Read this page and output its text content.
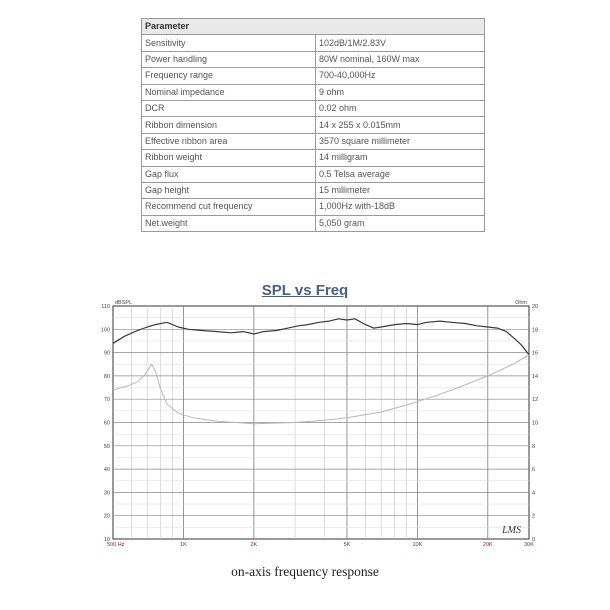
Parameter	
Sensitivity	102dB/1M/2.83V
Power handling	80W nominal, 160W max
Frequency range	700-40,000Hz
Nominal impedance	9 ohm
DCR	0.02 ohm
Ribbon dimension	14 x 255 x 0.015mm
Effective ribbon area	3570 square millimeter
Ribbon weight	14 milligram
Gap flux	0.5 Telsa average
Gap height	15 millimeter
Recommend cut frequency	1,000Hz with-18dB
Net.weight	5,050 gram
SPL vs Freq
110
100
90
80
70
60
50
40
30
20
10
20
18
16
14
12
10
8
6
4
2
0
dBSPL	Ohm
500 Hz	1K	2K	5K	10K	20K	30K
LMS
on-axis frequency response
